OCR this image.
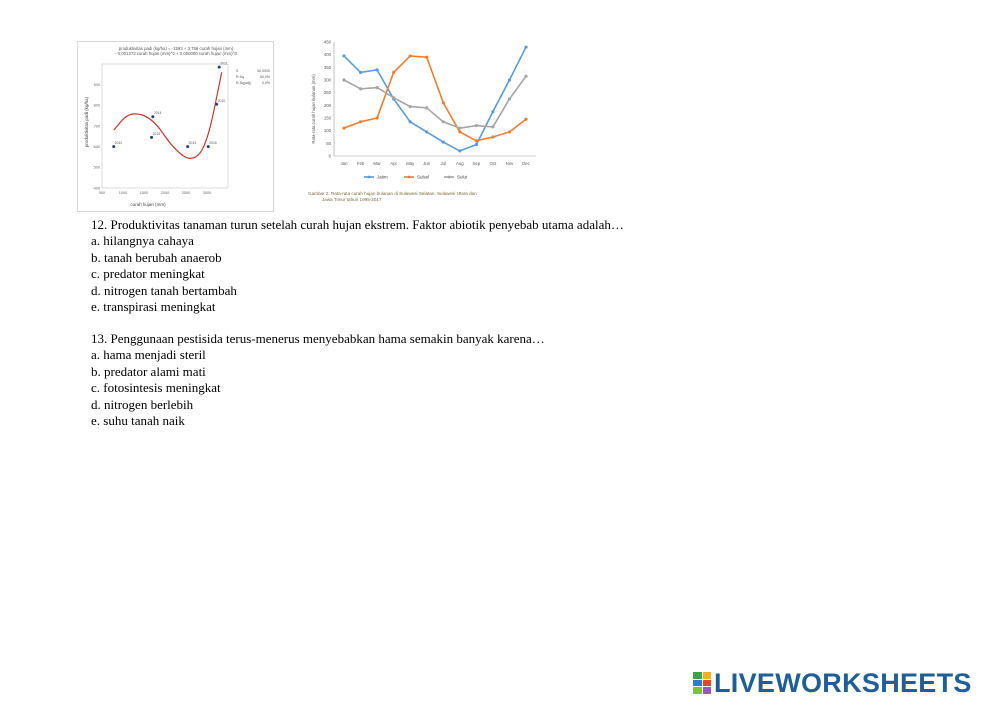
produktivitas padi (kg/ha) = -1593 + 3,756 curah hujan (mm) - 0,001373 curah hujan (mm)^2 + 0,000000 curah hujan (mm)^3
500	1000	1500	2000	2500	3000
400
500
600
700
800
900
2012
2015
2014
2013	2016
2010
2011
S	60,0000
R-Sq	60,0%
R-Sq(adj)	0,0%
curah hujan (mm)
produktivitas padi (kg/ha)	Rata-rata curah hujan bulanan (mm)
0
50
100
150
200
250
300
350
400
450
Jan Feb Mar Apr May Jun Jul Aug Sep Oct Nov Dec
Jatim	Sulsel	Sulut
Gambar 2. Rata-rata curah hujan bulanan di Sulawesi Selatan, Sulawesi Utara dan Jawa Timur tahun 1995-2017
12. Produktivitas tanaman turun setelah curah hujan ekstrem. Faktor abiotik penyebab utama adalah…
a. hilangnya cahaya
b. tanah berubah anaerob
c. predator meningkat
d. nitrogen tanah bertambah
e. transpirasi meningkat
13. Penggunaan pestisida terus-menerus menyebabkan hama semakin banyak karena…
a. hama menjadi steril
b. predator alami mati
c. fotosintesis meningkat
d. nitrogen berlebih
e. suhu tanah naik
LIVEWORKSHEETS
